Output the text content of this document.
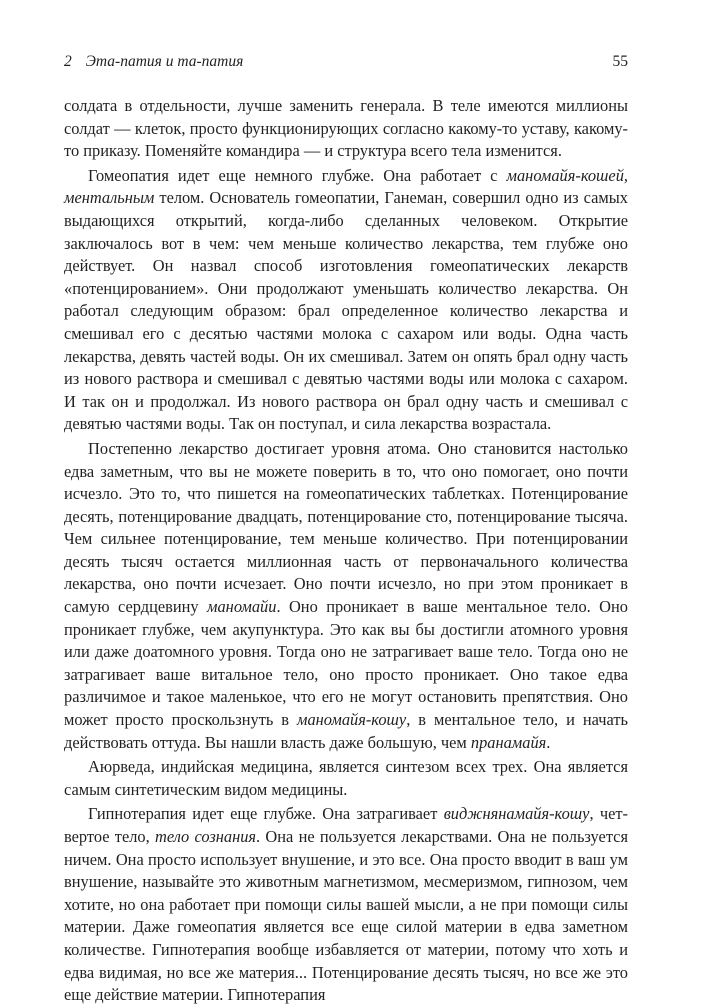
2 Эта-патия и та-патия	55

солдата в отдельности, лучше заменить генерала. В теле имеются миллионы солдат — клеток, просто функционирующих согласно какому-то уставу, какому-то приказу. Поменяйте командира — и структура всего тела изменится.

Гомеопатия идет еще немного глубже. Она работает с маномайя-кошей, ментальным телом. Основатель гомеопатии, Ганеман, совершил одно из самых выдающихся открытий, когда-либо сделанных человеком. Открытие заключалось вот в чем: чем меньше количество лекарства, тем глубже оно действует. Он назвал способ изготовления гомеопатических лекарств «потенцированием». Они продолжают уменьшать количество лекарства. Он работал следующим образом: брал определенное количество лекарства и смешивал его с десятью частями молока с сахаром или воды. Одна часть лекарства, девять частей воды. Он их смешивал. Затем он опять брал одну часть из нового раствора и смешивал с девятью частями воды или молока с сахаром. И так он и продолжал. Из нового раствора он брал одну часть и смешивал с девятью частями воды. Так он поступал, и сила лекарства возрастала.

Постепенно лекарство достигает уровня атома. Оно становится настолько едва заметным, что вы не можете поверить в то, что оно помогает, оно почти исчезло. Это то, что пишется на гомеопатических таблетках. Потенцирование десять, потенцирование двадцать, потенцирование сто, потенцирование тысяча. Чем сильнее потенцирование, тем меньше количество. При потенцировании десять тысяч остается миллионная часть от первоначального количества лекарства, оно почти исчезает. Оно почти исчезло, но при этом проникает в самую сердцевину маномайи. Оно проникает в ваше ментальное тело. Оно проникает глубже, чем акупунктура. Это как вы бы достигли атомного уровня или даже доатомного уровня. Тогда оно не затрагивает ваше тело. Тогда оно не затрагивает ваше витальное тело, оно просто проникает. Оно такое едва различимое и такое маленькое, что его не могут остановить препятствия. Оно может просто проскользнуть в маномайя-кошу, в ментальное тело, и начать действовать оттуда. Вы нашли власть даже большую, чем пранамайя.

Аюрведа, индийская медицина, является синтезом всех трех. Она является самым синтетическим видом медицины.

Гипнотерапия идет еще глубже. Она затрагивает виджнянамайя-кошу, четвертое тело, тело сознания. Она не пользуется лекарствами. Она не пользуется ничем. Она просто использует внушение, и это все. Она просто вводит в ваш ум внушение, называйте это животным магнетизмом, месмеризмом, гипнозом, чем хотите, но она работает при помощи силы вашей мысли, а не при помощи силы материи. Даже гомеопатия является все еще силой материи в едва заметном количестве. Гипнотерапия вообще избавляется от материи, потому что хоть и едва видимая, но все же материя... Потенцирование десять тысяч, но все же это еще действие материи. Гипнотерапия
